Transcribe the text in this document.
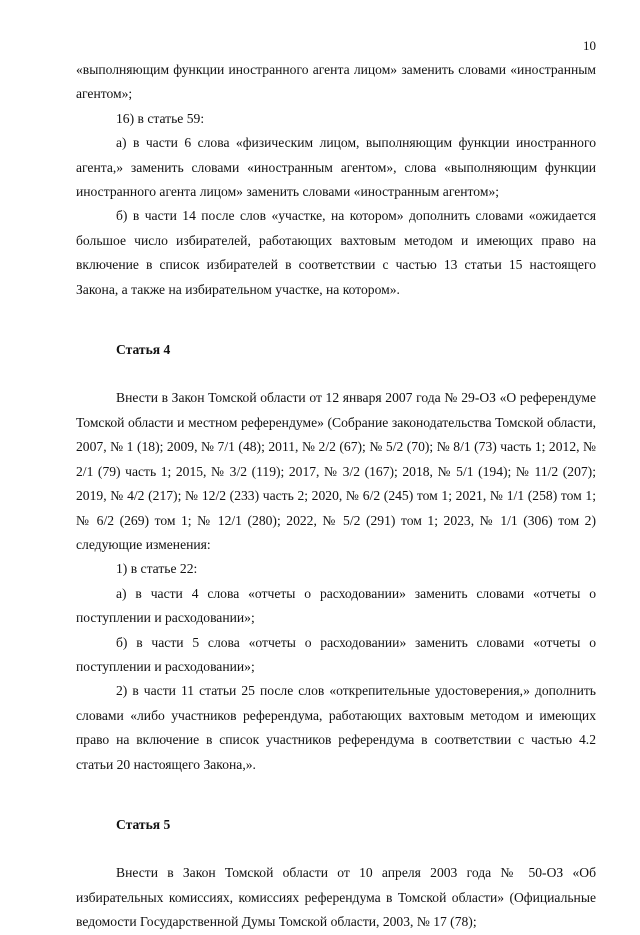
10

«выполняющим функции иностранного агента лицом» заменить словами «иностранным агентом»;

16) в статье 59:

а) в части 6 слова «физическим лицом, выполняющим функции иностранного агента,» заменить словами «иностранным агентом», слова «выполняющим функции иностранного агента лицом» заменить словами «иностранным агентом»;

б) в части 14 после слов «участке, на котором» дополнить словами «ожидается большое число избирателей, работающих вахтовым методом и имеющих право на включение в список избирателей в соответствии с частью 13 статьи 15 настоящего Закона, а также на избирательном участке, на котором».

Статья 4

Внести в Закон Томской области от 12 января 2007 года № 29-ОЗ «О референдуме Томской области и местном референдуме» (Собрание законодательства Томской области, 2007, № 1 (18); 2009, № 7/1 (48); 2011, № 2/2 (67); № 5/2 (70); № 8/1 (73) часть 1; 2012, № 2/1 (79) часть 1; 2015, № 3/2 (119); 2017, № 3/2 (167); 2018, № 5/1 (194); № 11/2 (207); 2019, № 4/2 (217); № 12/2 (233) часть 2; 2020, № 6/2 (245) том 1; 2021, № 1/1 (258) том 1; № 6/2 (269) том 1; № 12/1 (280); 2022, № 5/2 (291) том 1; 2023, № 1/1 (306) том 2) следующие изменения:

1) в статье 22:

а) в части 4 слова «отчеты о расходовании» заменить словами «отчеты о поступлении и расходовании»;

б) в части 5 слова «отчеты о расходовании» заменить словами «отчеты о поступлении и расходовании»;

2) в части 11 статьи 25 после слов «открепительные удостоверения,» дополнить словами «либо участников референдума, работающих вахтовым методом и имеющих право на включение в список участников референдума в соответствии с частью 4.2 статьи 20 настоящего Закона,».

Статья 5

Внести в Закон Томской области от 10 апреля 2003 года № 50-ОЗ «Об избирательных комиссиях, комиссиях референдума в Томской области» (Официальные ведомости Государственной Думы Томской области, 2003, № 17 (78);
